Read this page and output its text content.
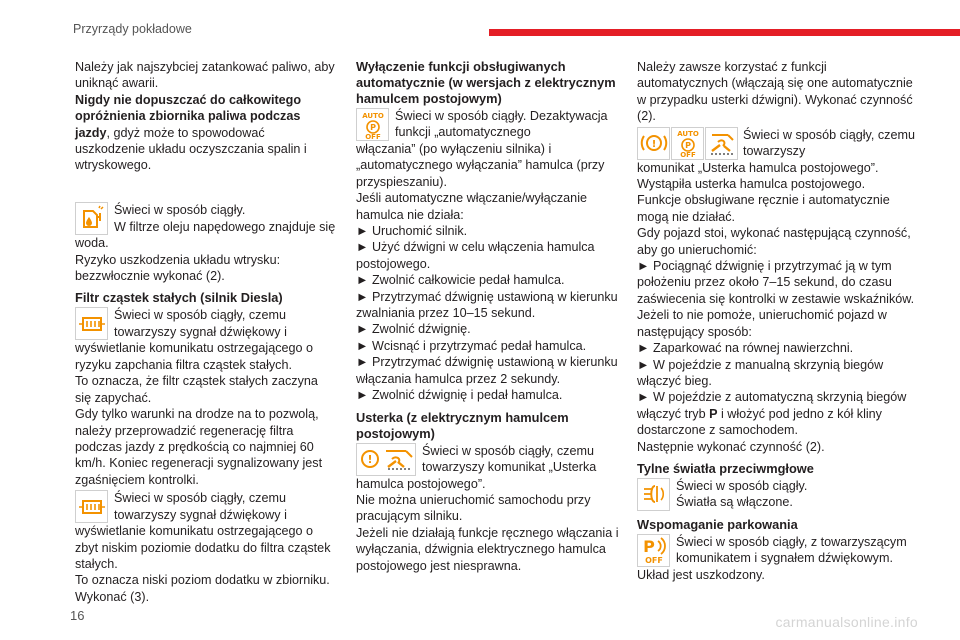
Przyrządy pokładowe

Należy jak najszybciej zatankować paliwo, aby uniknąć awarii.
Nigdy nie dopuszczać do całkowitego opróżnienia zbiornika paliwa podczas jazdy, gdyż może to spowodować uszkodzenie układu oczyszczania spalin i wtryskowego.

Świeci w sposób ciągły.

W filtrze oleju napędowego znajduje się woda.

Ryzyko uszkodzenia układu wtrysku: bezzwłocznie wykonać (2).

Filtr cząstek stałych (silnik Diesla)

Świeci w sposób ciągły, czemu towarzyszy sygnał dźwiękowy i

wyświetlanie komunikatu ostrzegającego o ryzyku zapchania filtra cząstek stałych.

To oznacza, że filtr cząstek stałych zaczyna się zapychać.

Gdy tylko warunki na drodze na to pozwolą, należy przeprowadzić regenerację filtra podczas jazdy z prędkością co najmniej 60 km/h. Koniec regeneracji sygnalizowany jest zgaśnięciem kontrolki.

Świeci w sposób ciągły, czemu towarzyszy sygnał dźwiękowy i

wyświetlanie komunikatu ostrzegającego o zbyt niskim poziomie dodatku do filtra cząstek stałych.

To oznacza niski poziom dodatku w zbiorniku. Wykonać (3).

Wyłączenie funkcji obsługiwanych automatycznie (w wersjach z elektrycznym hamulcem postojowym)
AUTO
P
OFF

Świeci w sposób ciągły. Dezaktywacja funkcji „automatycznego

włączania” (po wyłączeniu silnika) i „automatycznego wyłączania” hamulca (przy przyspieszaniu).

Jeśli automatyczne włączanie/wyłączanie hamulca nie działa:

► Uruchomić silnik.

► Użyć dźwigni w celu włączenia hamulca postojowego.

► Zwolnić całkowicie pedał hamulca.

► Przytrzymać dźwignię ustawioną w kierunku zwalniania przez 10–15 sekund.

► Zwolnić dźwignię.

► Wcisnąć i przytrzymać pedał hamulca.

► Przytrzymać dźwignię ustawioną w kierunku włączania hamulca przez 2 sekundy.

► Zwolnić dźwignię i pedał hamulca.

Usterka (z elektrycznym hamulcem postojowym)
!

Świeci w sposób ciągły, czemu towarzyszy komunikat „Usterka

hamulca postojowego”.

Nie można unieruchomić samochodu przy pracującym silniku.

Jeżeli nie działają funkcje ręcznego włączania i wyłączania, dźwignia elektrycznego hamulca postojowego jest niesprawna.

Należy zawsze korzystać z funkcji automatycznych (włączają się one automatycznie w przypadku usterki dźwigni). Wykonać czynność (2).

!
AUTO
P
OFF

Świeci w sposób ciągły, czemu towarzyszy

komunikat „Usterka hamulca postojowego”.

Wystąpiła usterka hamulca postojowego.

Funkcje obsługiwane ręcznie i automatycznie mogą nie działać.

Gdy pojazd stoi, wykonać następującą czynność, aby go unieruchomić:

► Pociągnąć dźwignię i przytrzymać ją w tym położeniu przez około 7–15 sekund, do czasu zaświecenia się kontrolki w zestawie wskaźników.

Jeżeli to nie pomoże, unieruchomić pojazd w następujący sposób:

► Zaparkować na równej nawierzchni.

► W pojeździe z manualną skrzynią biegów włączyć bieg.

► W pojeździe z automatyczną skrzynią biegów włączyć tryb P i włożyć pod jedno z kół kliny dostarczone z samochodem.

Następnie wykonać czynność (2).

Tylne światła przeciwmgłowe

Świeci w sposób ciągły.

Światła są włączone.

Wspomaganie parkowania
P
OFF

Świeci w sposób ciągły, z towarzyszącym komunikatem i sygnałem dźwiękowym.

Układ jest uszkodzony.

16	carmanualsonline.info
